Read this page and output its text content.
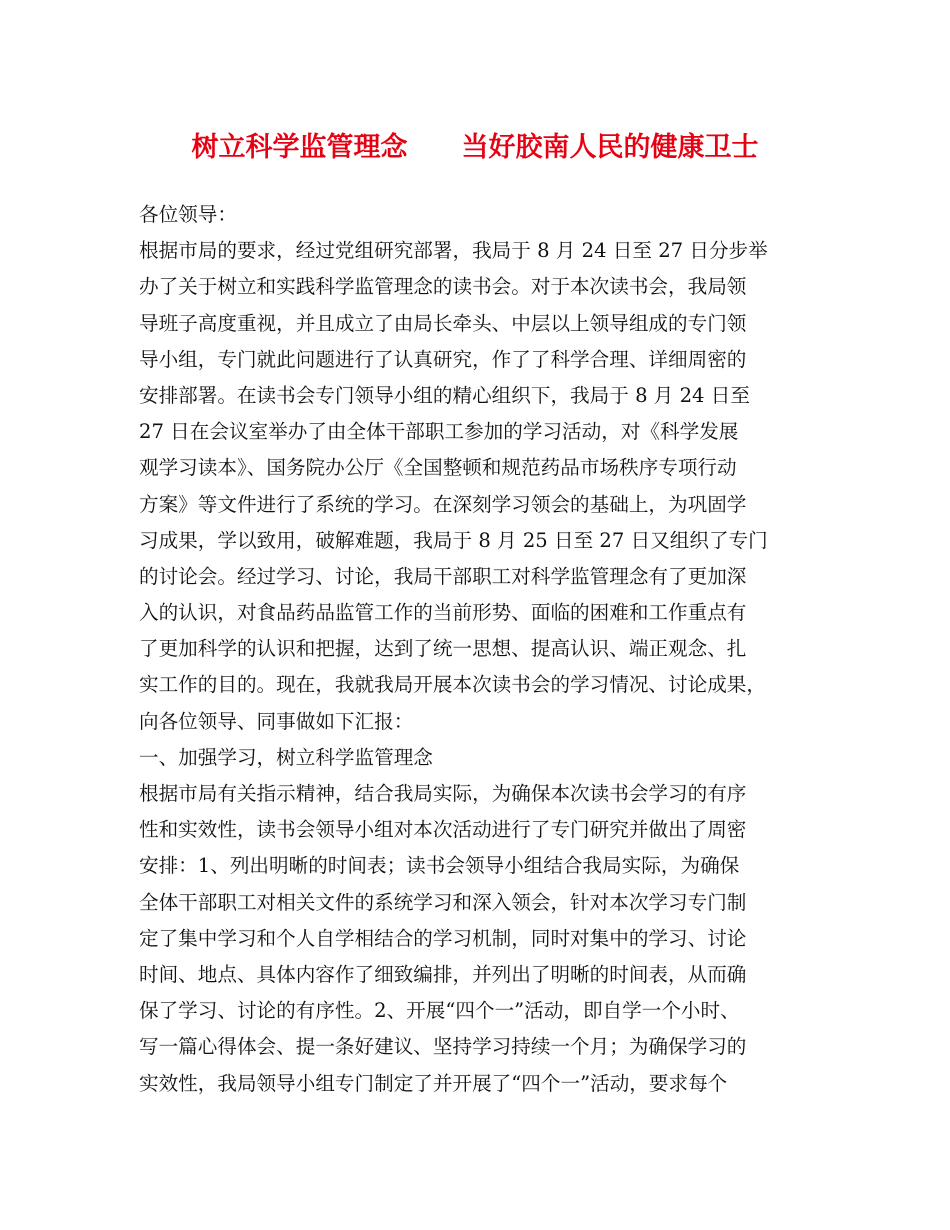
树立科学监管理念　　当好胶南人民的健康卫士
各位领导：
根据市局的要求，经过党组研究部署，我局于 8 月 24 日至 27 日分步举
办了关于树立和实践科学监管理念的读书会。对于本次读书会，我局领
导班子高度重视，并且成立了由局长牵头、中层以上领导组成的专门领
导小组，专门就此问题进行了认真研究，作了了科学合理、详细周密的
安排部署。在读书会专门领导小组的精心组织下，我局于 8 月 24 日至
27 日在会议室举办了由全体干部职工参加的学习活动，对《科学发展
观学习读本》、国务院办公厅《全国整顿和规范药品市场秩序专项行动
方案》等文件进行了系统的学习。在深刻学习领会的基础上，为巩固学
习成果，学以致用，破解难题，我局于 8 月 25 日至 27 日又组织了专门
的讨论会。经过学习、讨论，我局干部职工对科学监管理念有了更加深
入的认识，对食品药品监管工作的当前形势、面临的困难和工作重点有
了更加科学的认识和把握，达到了统一思想、提高认识、端正观念、扎
实工作的目的。现在，我就我局开展本次读书会的学习情况、讨论成果，
向各位领导、同事做如下汇报：
一、加强学习，树立科学监管理念
根据市局有关指示精神，结合我局实际，为确保本次读书会学习的有序
性和实效性，读书会领导小组对本次活动进行了专门研究并做出了周密
安排：1、列出明晰的时间表；读书会领导小组结合我局实际，为确保
全体干部职工对相关文件的系统学习和深入领会，针对本次学习专门制
定了集中学习和个人自学相结合的学习机制，同时对集中的学习、讨论
时间、地点、具体内容作了细致编排，并列出了明晰的时间表，从而确
保了学习、讨论的有序性。2、开展“四个一”活动，即自学一个小时、
写一篇心得体会、提一条好建议、坚持学习持续一个月；为确保学习的
实效性，我局领导小组专门制定了并开展了“四个一”活动，要求每个
